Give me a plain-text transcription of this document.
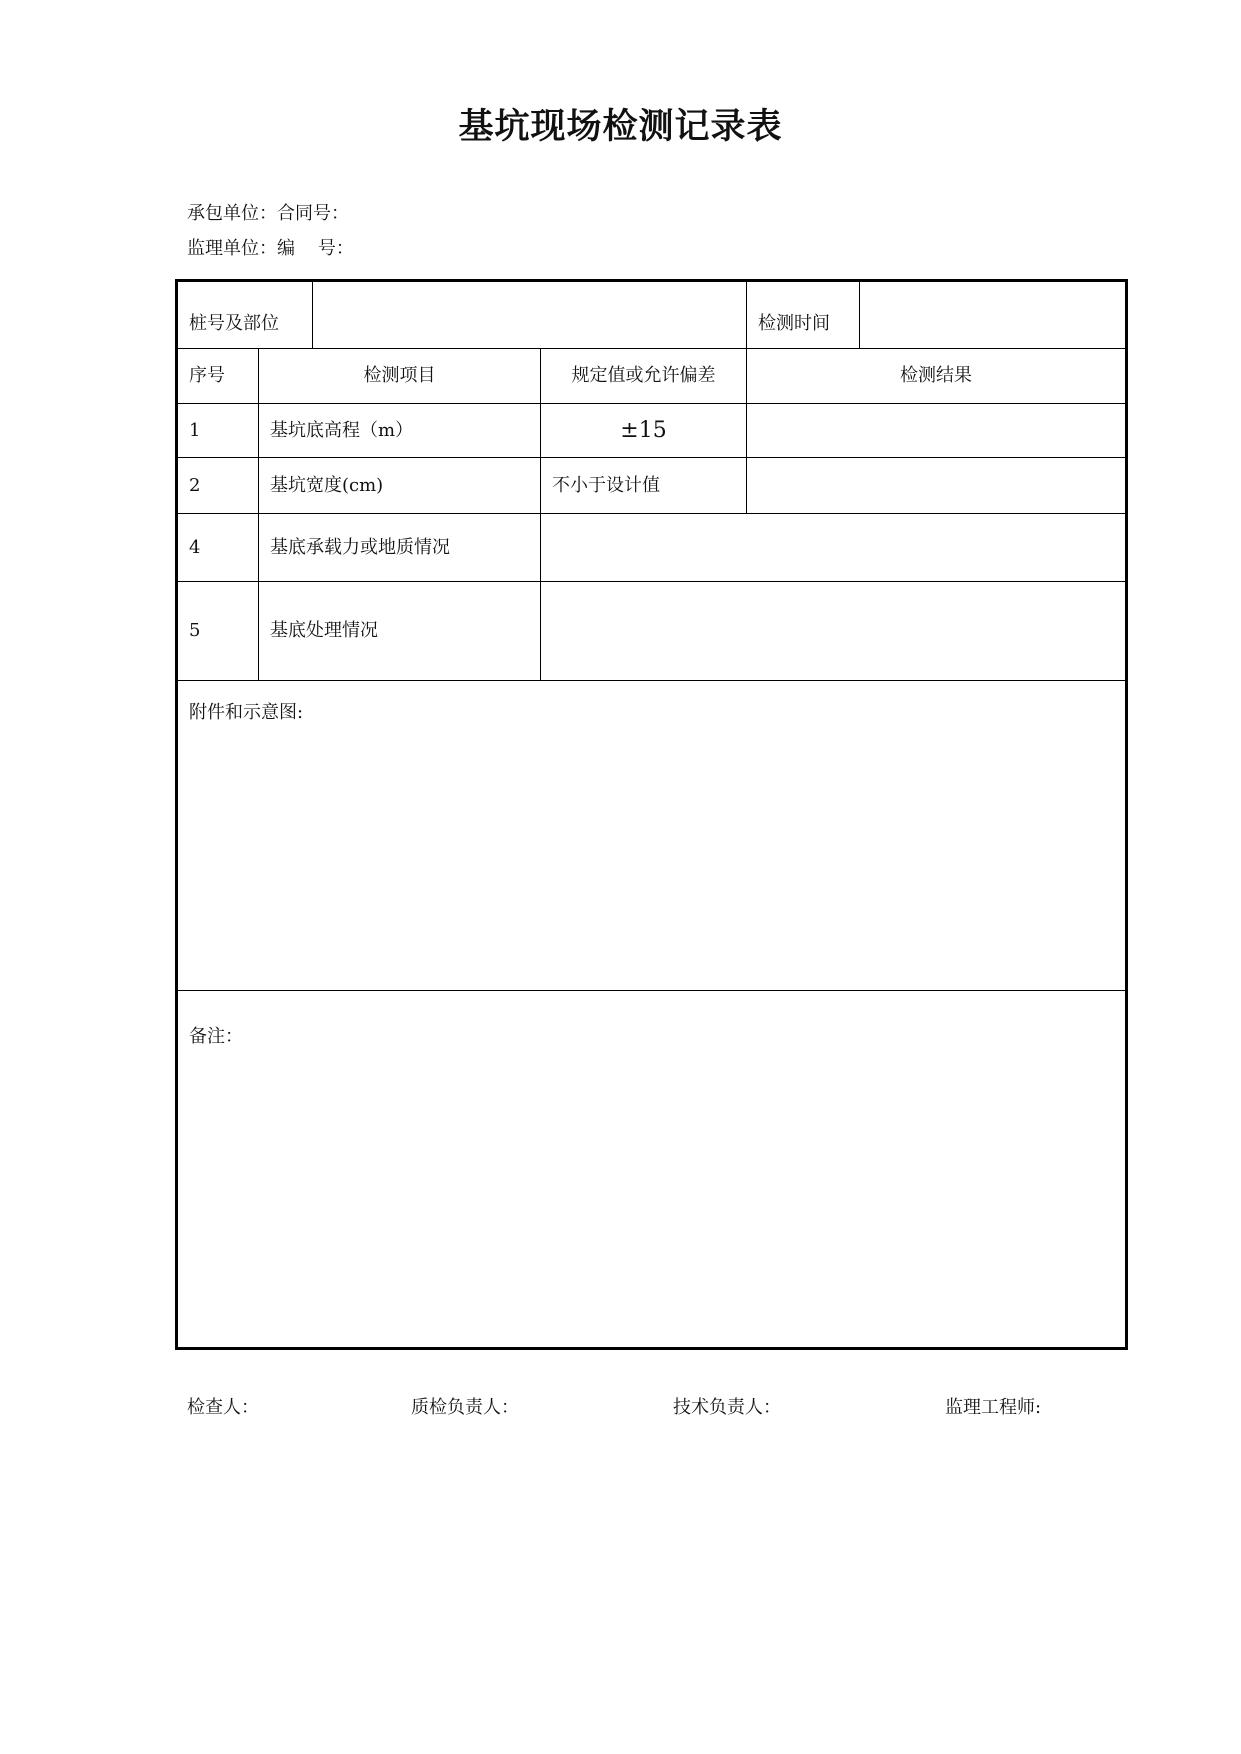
基坑现场检测记录表
承包单位：合同号：
监理单位：编    号：
桩号及部位				检测时间	
序号	检测项目		规定值或允许偏差	检测结果	
1	基坑底高程（m）		±15		
2	基坑宽度(cm)		不小于设计值		
4	基底承载力或地质情况				
5	基底处理情况				
附件和示意图:					
备注：					
检查人：	质检负责人：	技术负责人：	监理工程师:
